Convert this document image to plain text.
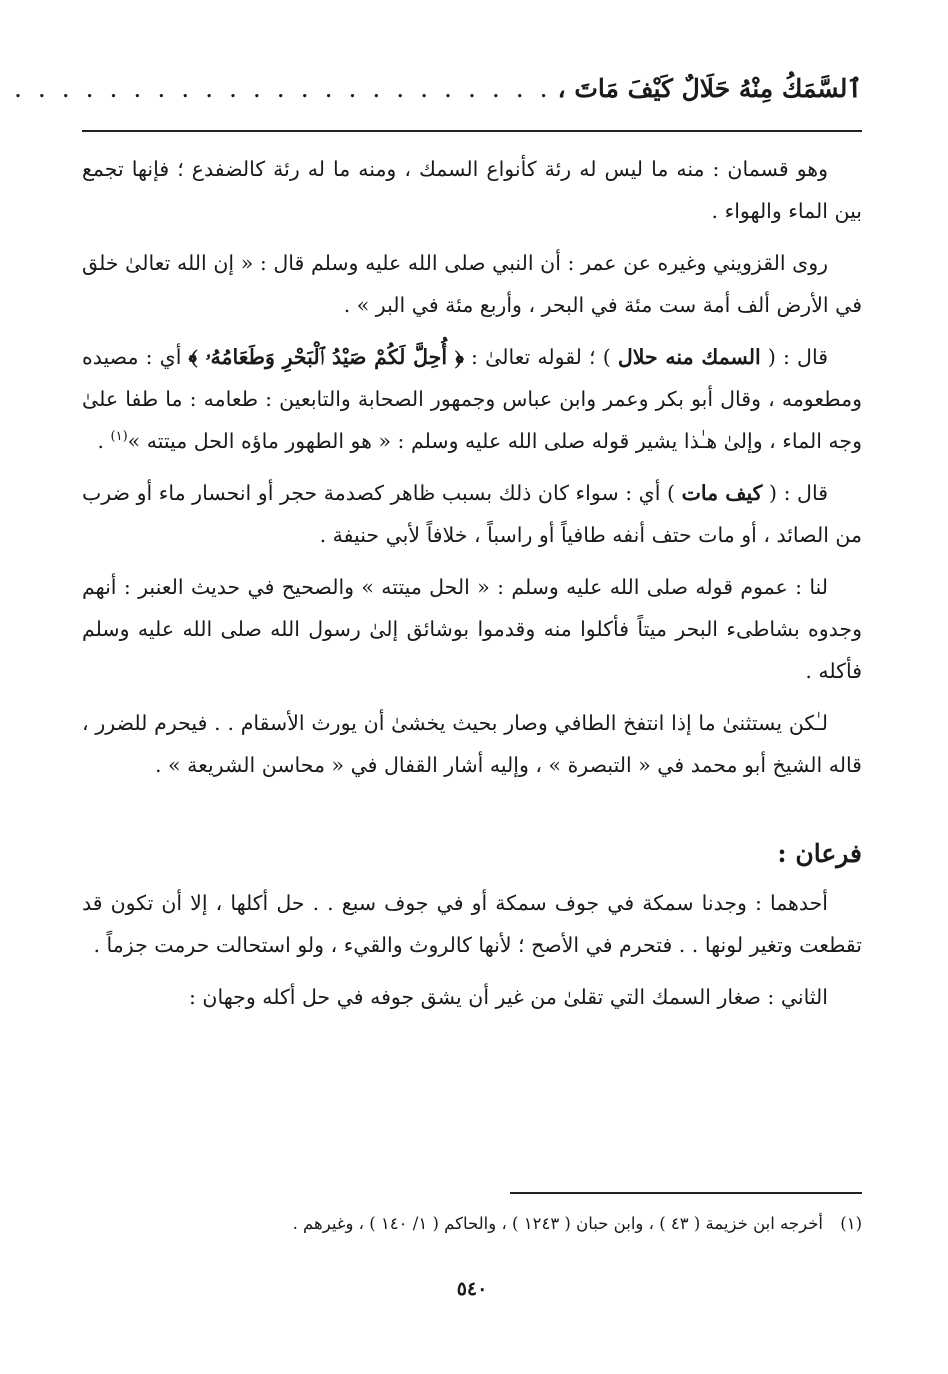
ٱلسَّمَكُ مِنْهُ حَلَالٌ كَيْفَ مَاتَ ،
. . . . . . . . . . . . . . . . . . . . . . .

وهو قسمان : منه ما ليس له رئة كأنواع السمك ، ومنه ما له رئة كالضفدع ؛ فإنها تجمع بين الماء والهواء .

روى القزويني وغيره عن عمر : أن النبي صلى الله عليه وسلم قال : « إن الله تعالىٰ خلق في الأرض ألف أمة ست مئة في البحر ، وأربع مئة في البر » .

قال : ( السمك منه حلال ) ؛ لقوله تعالىٰ : ﴿ أُحِلَّ لَكُمْ صَيْدُ ٱلْبَحْرِ وَطَعَامُهُۥ ﴾ أي : مصيده ومطعومه ، وقال أبو بكر وعمر وابن عباس وجمهور الصحابة والتابعين : طعامه : ما طفا علىٰ وجه الماء ، وإلىٰ هـٰذا يشير قوله صلى الله عليه وسلم : « هو الطهور ماؤه الحل ميتته »$^{(١)}$ .

قال : ( كيف مات ) أي : سواء كان ذلك بسبب ظاهر كصدمة حجر أو انحسار ماء أو ضرب من الصائد ، أو مات حتف أنفه طافياً أو راسباً ، خلافاً لأبي حنيفة .

لنا : عموم قوله صلى الله عليه وسلم : « الحل ميتته » والصحيح في حديث العنبر : أنهم وجدوه بشاطىء البحر ميتاً فأكلوا منه وقدموا بوشائق إلىٰ رسول الله صلى الله عليه وسلم فأكله .

لـٰكن يستثنىٰ ما إذا انتفخ الطافي وصار بحيث يخشىٰ أن يورث الأسقام . . فيحرم للضرر ، قاله الشيخ أبو محمد في « التبصرة » ، وإليه أشار القفال في « محاسن الشريعة » .

فرعان :

أحدهما : وجدنا سمكة في جوف سمكة أو في جوف سبع . . حل أكلها ، إلا أن تكون قد تقطعت وتغير لونها . . فتحرم في الأصح ؛ لأنها كالروث والقيء ، ولو استحالت حرمت جزماً .

الثاني : صغار السمك التي تقلىٰ من غير أن يشق جوفه في حل أكله وجهان :

(١) أخرجه ابن خزيمة ( ٤٣ ) ، وابن حبان ( ١٢٤٣ ) ، والحاكم ( ١/ ١٤٠ ) ، وغيرهم .
٥٤٠
